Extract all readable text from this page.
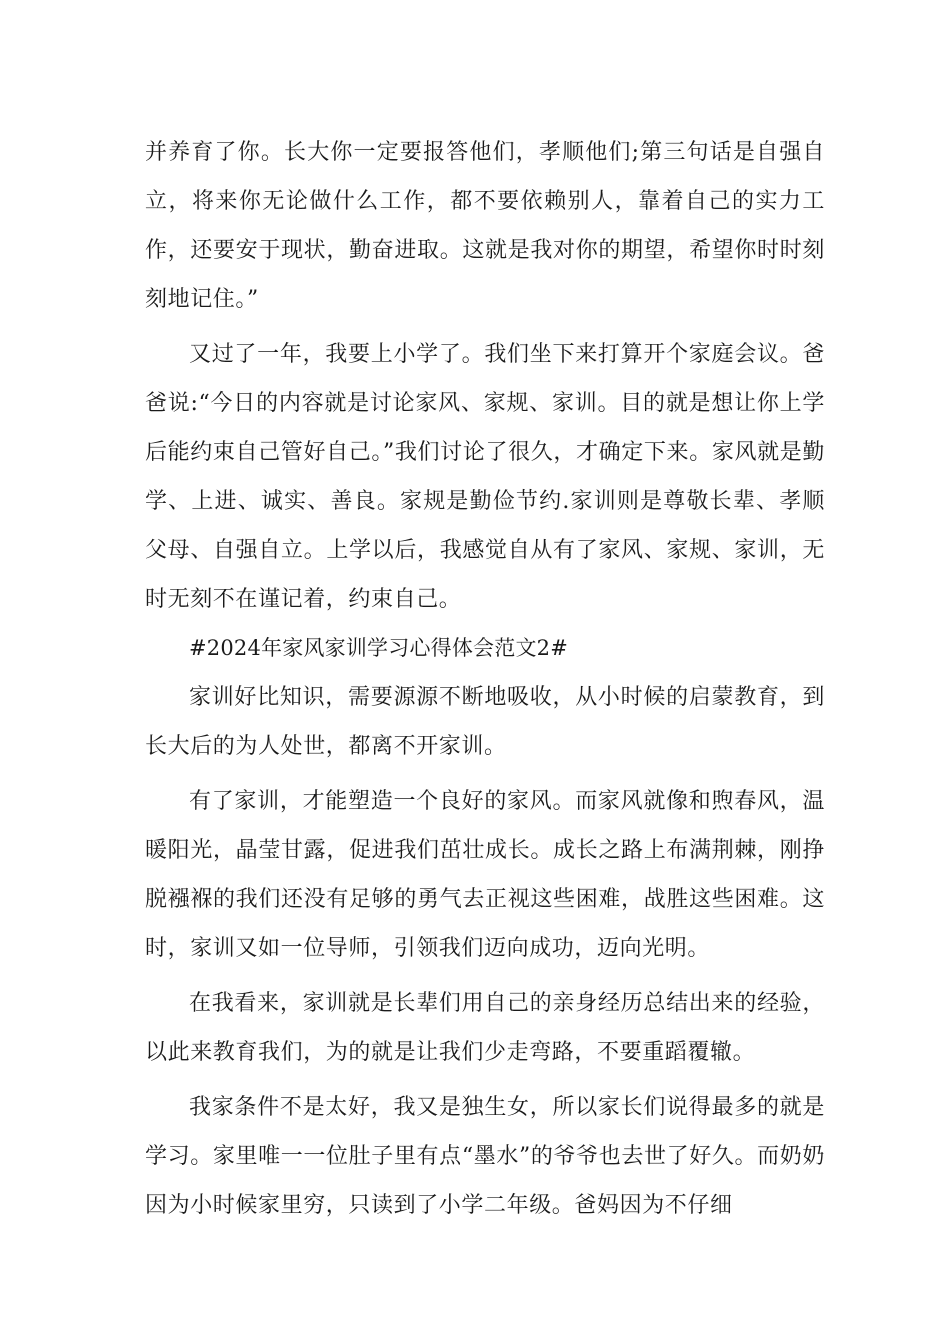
并养育了你。长大你一定要报答他们，孝顺他们;第三句话是自强自立，将来你无论做什么工作，都不要依赖别人，靠着自己的实力工作，还要安于现状，勤奋进取。这就是我对你的期望，希望你时时刻刻地记住。”

又过了一年，我要上小学了。我们坐下来打算开个家庭会议。爸爸说:“今日的内容就是讨论家风、家规、家训。目的就是想让你上学后能约束自己管好自己。”我们讨论了很久，才确定下来。家风就是勤学、上进、诚实、善良。家规是勤俭节约.家训则是尊敬长辈、孝顺父母、自强自立。上学以后，我感觉自从有了家风、家规、家训，无时无刻不在谨记着，约束自己。

#2024年家风家训学习心得体会范文2#

家训好比知识，需要源源不断地吸收，从小时候的启蒙教育，到长大后的为人处世，都离不开家训。

有了家训，才能塑造一个良好的家风。而家风就像和煦春风，温暖阳光，晶莹甘露，促进我们茁壮成长。成长之路上布满荆棘，刚挣脱襁褓的我们还没有足够的勇气去正视这些困难，战胜这些困难。这时，家训又如一位导师，引领我们迈向成功，迈向光明。

在我看来，家训就是长辈们用自己的亲身经历总结出来的经验，以此来教育我们，为的就是让我们少走弯路，不要重蹈覆辙。

我家条件不是太好，我又是独生女，所以家长们说得最多的就是学习。家里唯一一位肚子里有点“墨水”的爷爷也去世了好久。而奶奶因为小时候家里穷，只读到了小学二年级。爸妈因为不仔细
